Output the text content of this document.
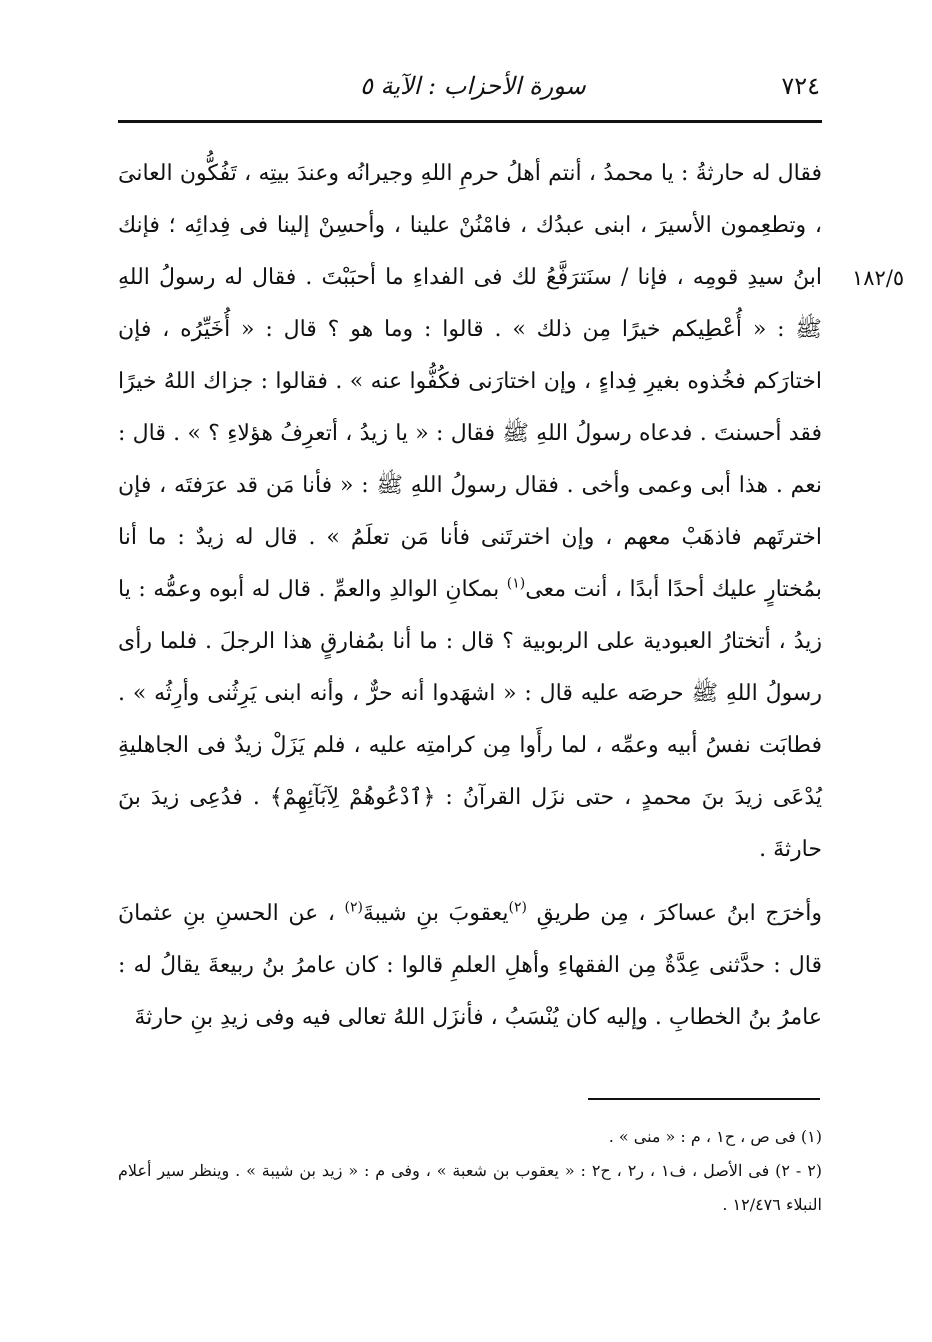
٧٢٤
سورة الأحزاب : الآية ٥
١٨٢/٥

فقال له حارثةُ : يا محمدُ ، أنتم أهلُ حرمِ اللهِ وجيرانُه وعندَ بيتِه ، تَفُكُّون العانىَ ، وتطعِمون الأسيرَ ، ابنى عبدُك ، فامْنُنْ علينا ، وأحسِنْ إلينا فى فِدائِه ؛ فإنك ابنُ سيدِ قومِه ، فإنا / سنَترَفَّعُ لك فى الفداءِ ما أحبَبْتَ . فقال له رسولُ اللهِ ﷺ : « أُعْطِيكم خيرًا مِن ذلك » . قالوا : وما هو ؟ قال : « أُخَيِّرُه ، فإن اختارَكم فخُذوه بغيرِ فِداءٍ ، وإن اختارَنى فكُفُّوا عنه » . فقالوا : جزاك اللهُ خيرًا فقد أحسنتَ . فدعاه رسولُ اللهِ ﷺ فقال : « يا زيدُ ، أتعرِفُ هؤلاءِ ؟ » . قال : نعم . هذا أبى وعمى وأخى . فقال رسولُ اللهِ ﷺ : « فأنا مَن قد عرَفتَه ، فإن اخترتَهم فاذهَبْ معهم ، وإن اخترتَنى فأنا مَن تعلَمُ » . قال له زيدٌ : ما أنا بمُختارٍ عليك أحدًا أبدًا ، أنت معى$^{(١)}$ بمكانِ الوالدِ والعمِّ . قال له أبوه وعمُّه : يا زيدُ ، أتختارُ العبودية على الربوبية ؟ قال : ما أنا بمُفارقٍ هذا الرجلَ . فلما رأى رسولُ اللهِ ﷺ حرصَه عليه قال : « اشهَدوا أنه حرٌّ ، وأنه ابنى يَرِثُنى وأرِثُه » . فطابَت نفسُ أبيه وعمِّه ، لما رأَوا مِن كرامتِه عليه ، فلم يَزَلْ زيدٌ فى الجاهليةِ يُدْعَى زيدَ بنَ محمدٍ ، حتى نزَل القرآنُ : ﴿ٱدْعُوهُمْ لِآبَآئِهِمْ﴾ . فدُعِى زيدَ بنَ حارثةَ .

وأخرَج ابنُ عساكرَ ، مِن طريقِ $^{(٢)}$يعقوبَ بنِ شيبةَ$^{(٢)}$ ، عن الحسنِ بنِ عثمانَ قال : حدَّثنى عِدَّةٌ مِن الفقهاءِ وأهلِ العلمِ قالوا : كان عامرُ بنُ ربيعةَ يقالُ له : عامرُ بنُ الخطابِ . وإليه كان يُنْسَبُ ، فأنزَل اللهُ تعالى فيه وفى زيدِ بنِ حارثةَ

(١) فى ص ، ح١ ، م : « منى » .

(٢ - ٢) فى الأصل ، ف١ ، ر٢ ، ح٢ : « يعقوب بن شعبة » ، وفى م : « زيد بن شيبة » . وينظر سير أعلام النبلاء ١٢/٤٧٦ .
